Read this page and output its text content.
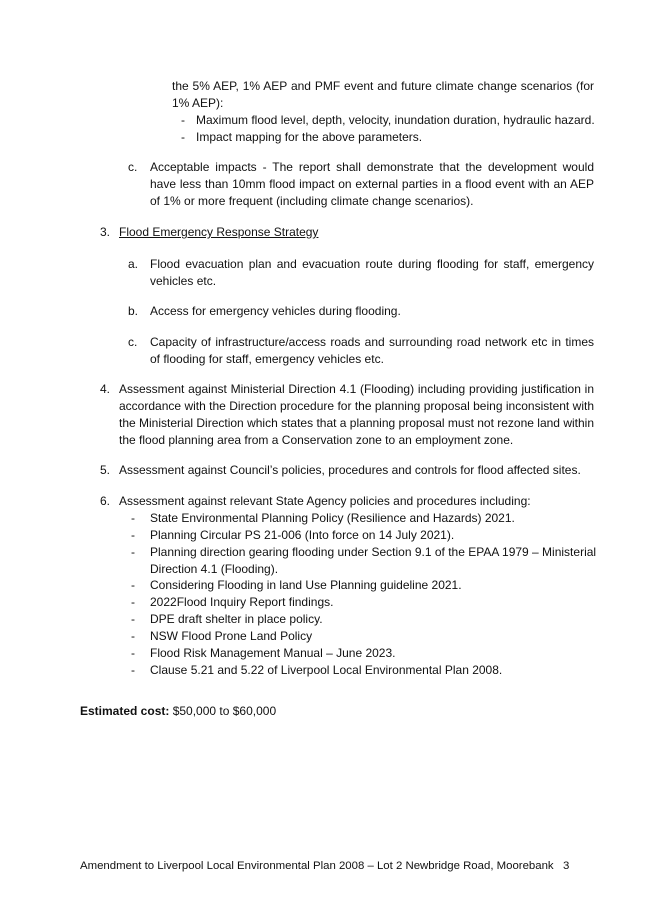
the 5% AEP, 1% AEP and PMF event and future climate change scenarios (for 1% AEP):

- Maximum flood level, depth, velocity, inundation duration, hydraulic hazard.
- Impact mapping for the above parameters.
c. Acceptable impacts - The report shall demonstrate that the development would have less than 10mm flood impact on external parties in a flood event with an AEP of 1% or more frequent (including climate change scenarios).

3. Flood Emergency Response Strategy
a. Flood evacuation plan and evacuation route during flooding for staff, emergency vehicles etc.

b. Access for emergency vehicles during flooding.

c. Capacity of infrastructure/access roads and surrounding road network etc in times of flooding for staff, emergency vehicles etc.

4. Assessment against Ministerial Direction 4.1 (Flooding) including providing justification in accordance with the Direction procedure for the planning proposal being inconsistent with the Ministerial Direction which states that a planning proposal must not rezone land within the flood planning area from a Conservation zone to an employment zone.

5. Assessment against Council’s policies, procedures and controls for flood affected sites.

6. Assessment against relevant State Agency policies and procedures including:

- State Environmental Planning Policy (Resilience and Hazards) 2021.
- Planning Circular PS 21-006 (Into force on 14 July 2021).
- Planning direction gearing flooding under Section 9.1 of the EPAA 1979 – Ministerial Direction 4.1 (Flooding).

- Considering Flooding in land Use Planning guideline 2021.
- 2022Flood Inquiry Report findings.
- DPE draft shelter in place policy.
- NSW Flood Prone Land Policy
- Flood Risk Management Manual – June 2023.
- Clause 5.21 and 5.22 of Liverpool Local Environmental Plan 2008.
Estimated cost: $50,000 to $60,000
Amendment to Liverpool Local Environmental Plan 2008 – Lot 2 Newbridge Road, Moorebank 3
